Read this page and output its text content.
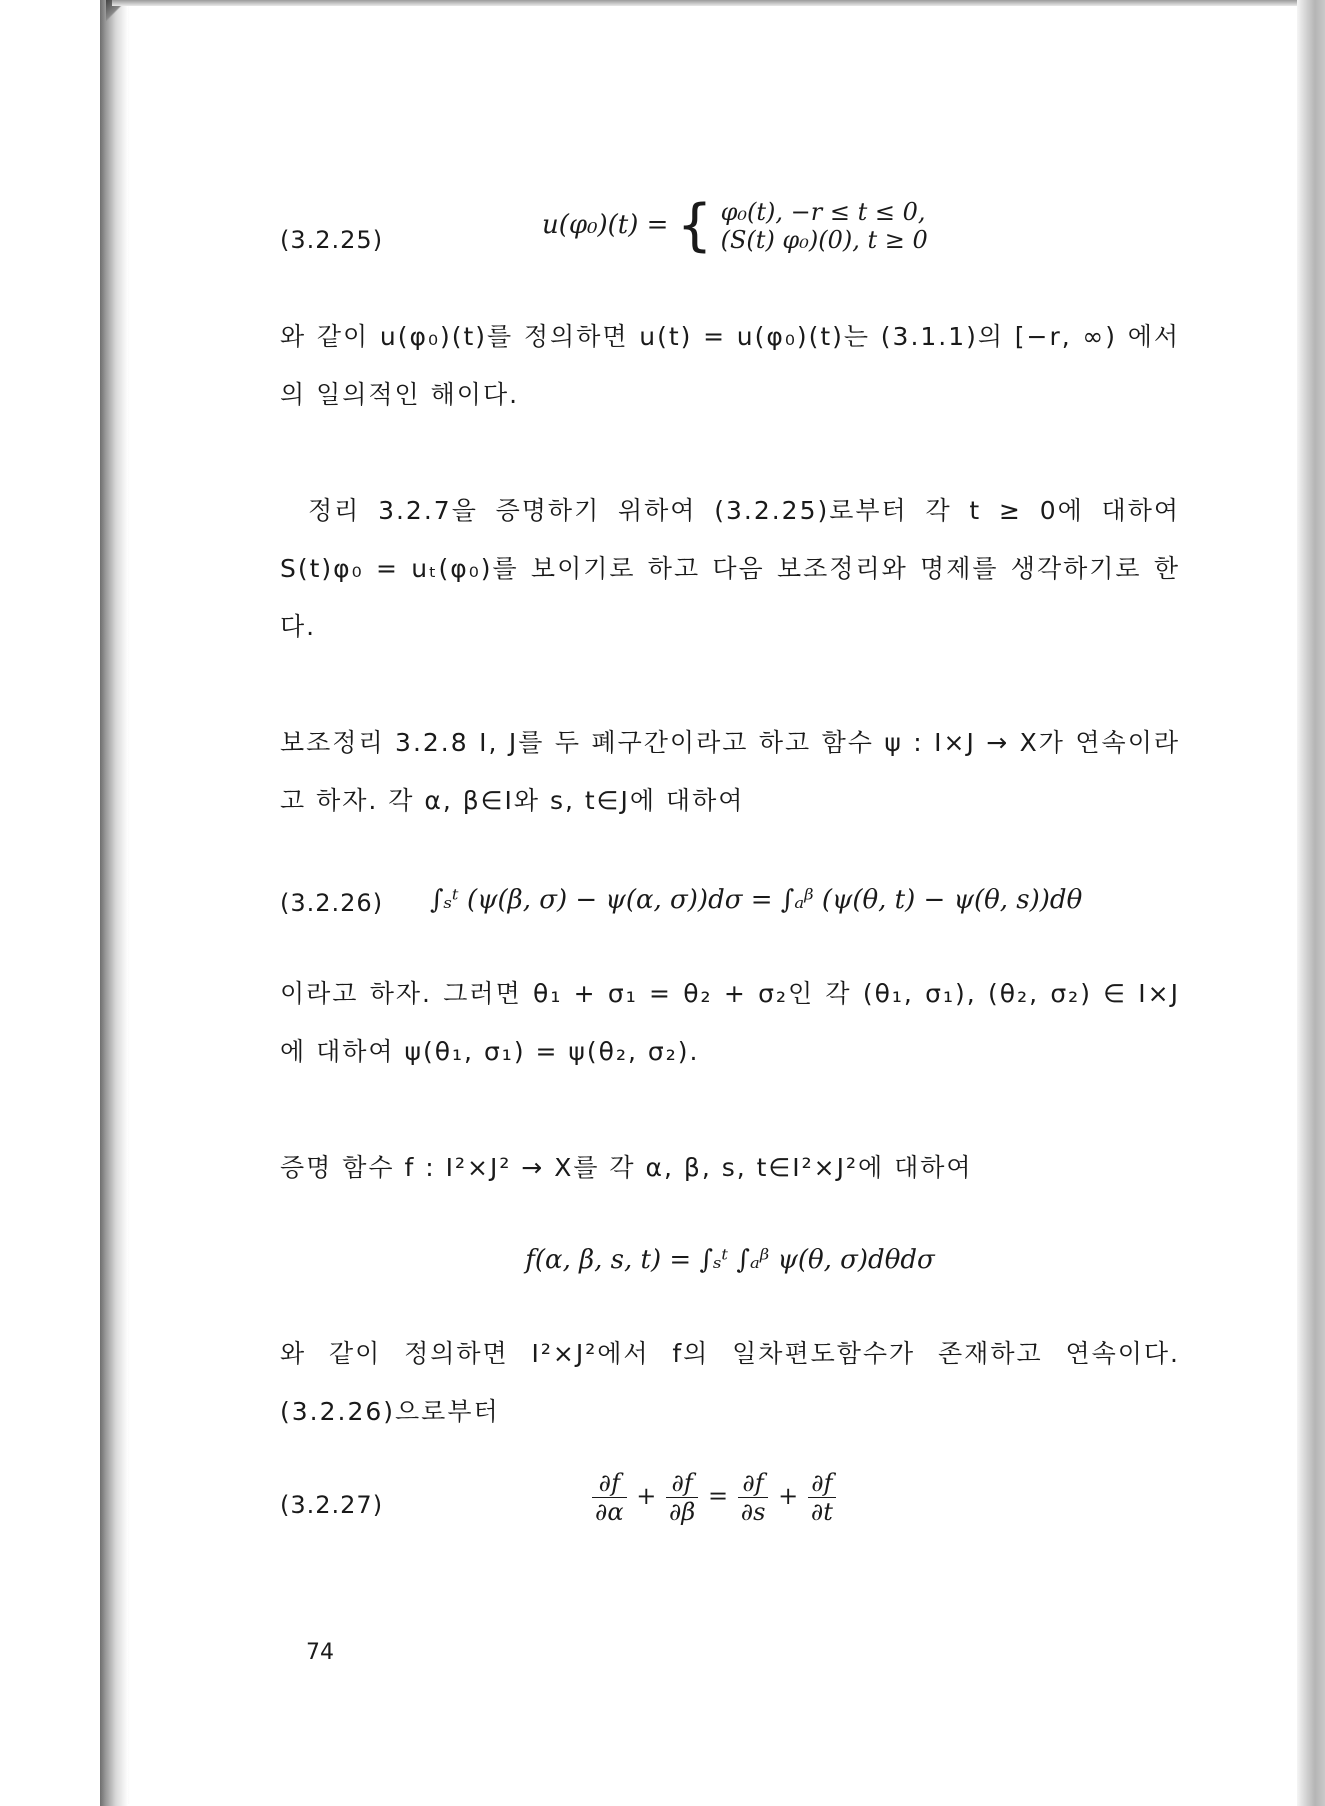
(3.2.25)	u(φ₀)(t) = { φ₀(t), −r ≤ t ≤ 0,
(S(t) φ₀)(0), t ≥ 0

와 같이 u(φ₀)(t)를 정의하면 u(t) = u(φ₀)(t)는 (3.1.1)의 [−r, ∞) 에서의 일의적인 해이다.

정리 3.2.7을 증명하기 위하여 (3.2.25)로부터 각 t ≥ 0에 대하여 S(t)φ₀ = uₜ(φ₀)를 보이기로 하고 다음 보조정리와 명제를 생각하기로 한다.

보조정리 3.2.8 I, J를 두 폐구간이라고 하고 함수 ψ : I×J → X가 연속이라고 하자. 각 α, β∈I와 s, t∈J에 대하여

(3.2.26) ∫ₛᵗ (ψ(β, σ) − ψ(α, σ))dσ = ∫ₐᵝ (ψ(θ, t) − ψ(θ, s))dθ

이라고 하자. 그러면 θ₁ + σ₁ = θ₂ + σ₂인 각 (θ₁, σ₁), (θ₂, σ₂) ∈ I×J 에 대하여 ψ(θ₁, σ₁) = ψ(θ₂, σ₂).

증명 함수 f : I²×J² → X를 각 α, β, s, t∈I²×J²에 대하여

f(α, β, s, t) = ∫ₛᵗ ∫ₐᵝ ψ(θ, σ)dθdσ

와 같이 정의하면 I²×J²에서 f의 일차편도함수가 존재하고 연속이다. (3.2.26)으로부터

(3.2.27)	$\frac{\partial f}{\partial\alpha} + \frac{\partial f}{\partial\beta} = \frac{\partial f}{\partial s} + \frac{\partial f}{\partial t}$
74
